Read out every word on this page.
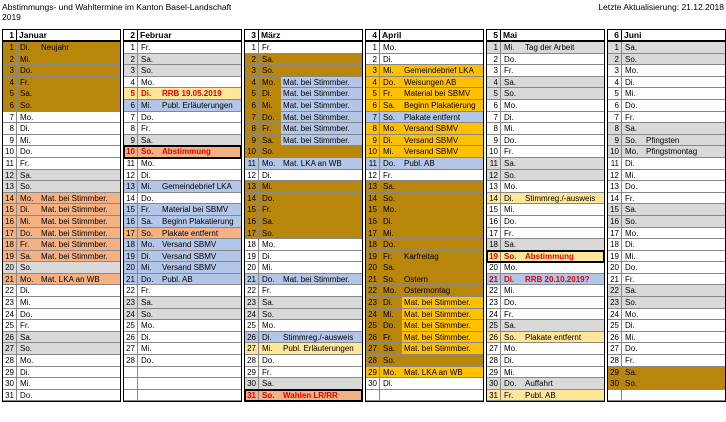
Abstimmungs- und Wahltermine im Kanton Basel-Landschaft
2019
Letzte Aktualisierung: 21.12.2018
1 Januar
1 Di.	Neujahr
2 Mi.
3 Do.
4 Fr.
5 Sa.
6 So.
7 Mo.
8 Di.
9 Mi.
10 Do.
11 Fr.
12 Sa.
13 So.
14 Mo. Mat. bei Stimmber.
15 Di.	Mat. bei Stimmber.
16 Mi.	Mat. bei Stimmber.
17 Do.	Mat. bei Stimmber.
18 Fr.	Mat. bei Stimmber.
19 Sa.	Mat. bei Stimmber.
20 So.
21 Mo. Mat. LKA an WB
22 Di.
23 Mi.
24 Do.
25 Fr.
26 Sa.
27 So.
28 Mo.
29 Di.
30 Mi.
31 Do.
2 Februar
1 Fr.
2 Sa.
3 So.
4 Mo.
5 Di.	RRB 19.05.2019
6 Mi.	Publ. Erläuterungen
7 Do.
8 Fr.
9 Sa.
10 So.	Abstimmung
11 Mo.
12 Di.
13 Mi.	Gemeindebrief LKA
14 Do.
15 Fr.	Material bei SBMV
16 Sa.	Beginn Plakatierung
17 So.	Plakate entfernt
18 Mo. Versand SBMV
19 Di.	Versand SBMV
20 Mi.	Versand SBMV
21 Do.	Publ. AB
22 Fr.
23 Sa.
24 So.
25 Mo.
26 Di.
27 Mi.
28 Do.
3 März
1 Fr.
2 Sa.
3 So.
4 Mo. Mat. bei Stimmber.
5 Di.	Mat. bei Stimmber.
6 Mi.	Mat. bei Stimmber.
7 Do.	Mat. bei Stimmber.
8 Fr.	Mat. bei Stimmber.
9 Sa.	Mat. bei Stimmber.
10 So.
11 Mo. Mat. LKA an WB
12 Di.
13 Mi.
14 Do.
15 Fr.
16 Sa.
17 So.
18 Mo.
19 Di.
20 Mi.
21 Do.	Mat. bei Stimmber.
22 Fr.
23 Sa.
24 So.
25 Mo.
26 Di.	Stimmreg./-ausweis
27 Mi.	Publ. Erläuterungen
28 Do.
29 Fr.
30 Sa.
31 So.	Wahlen LR/RR
4 April
1 Mo.
2 Di.
3 Mi.	Gemeindebrief LKA
4 Do.	Weisungen AB
5 Fr.	Material bei SBMV
6 Sa.	Beginn Plakatierung
7 So.	Plakate entfernt
8 Mo. Versand SBMV
9 Di.	Versand SBMV
10 Mi.	Versand SBMV
11 Do.	Publ. AB
12 Fr.
13 Sa.
14 So.
15 Mo.
16 Di.
17 Mi.
18 Do.
19 Fr.	Karfreitag
20 Sa.
21 So.	Ostern
22 Mo. Ostermontag
23 Di.	Mat. bei Stimmber.
24 Mi.	Mat. bei Stimmber.
25 Do.	Mat. bei Stimmber.
26 Fr.	Mat. bei Stimmber.
27 Sa.	Mat. bei Stimmber.
28 So.
29 Mo. Mat. LKA an WB
30 Di.
5 Mai
1 Mi.	Tag der Arbeit
2 Do.
3 Fr.
4 Sa.
5 So.
6 Mo.
7 Di.
8 Mi.
9 Do.
10 Fr.
11 Sa.
12 So.
13 Mo.
14 Di.	Stimmreg./-ausweis
15 Mi.
16 Do.
17 Fr.
18 Sa.
19 So.	Abstimmung
20 Mo.
21 Di.	RRB 20.10.2019?
22 Mi.
23 Do.
24 Fr.
25 Sa.
26 So.	Plakate entfernt
27 Mo.
28 Di.
29 Mi.
30 Do.	Auffahrt
31 Fr.	Publ. AB
6 Juni
1 Sa.
2 So.
3 Mo.
4 Di.
5 Mi.
6 Do.
7 Fr.
8 Sa.
9 So.	Pfingsten
10 Mo. Pfingstmontag
11 Di.
12 Mi.
13 Do.
14 Fr.
15 Sa.
16 So.
17 Mo.
18 Di.
19 Mi.
20 Do.
21 Fr.
22 Sa.
23 So.
24 Mo.
25 Di.
26 Mi.
27 Do.
28 Fr.
29 Sa.
30 So.
